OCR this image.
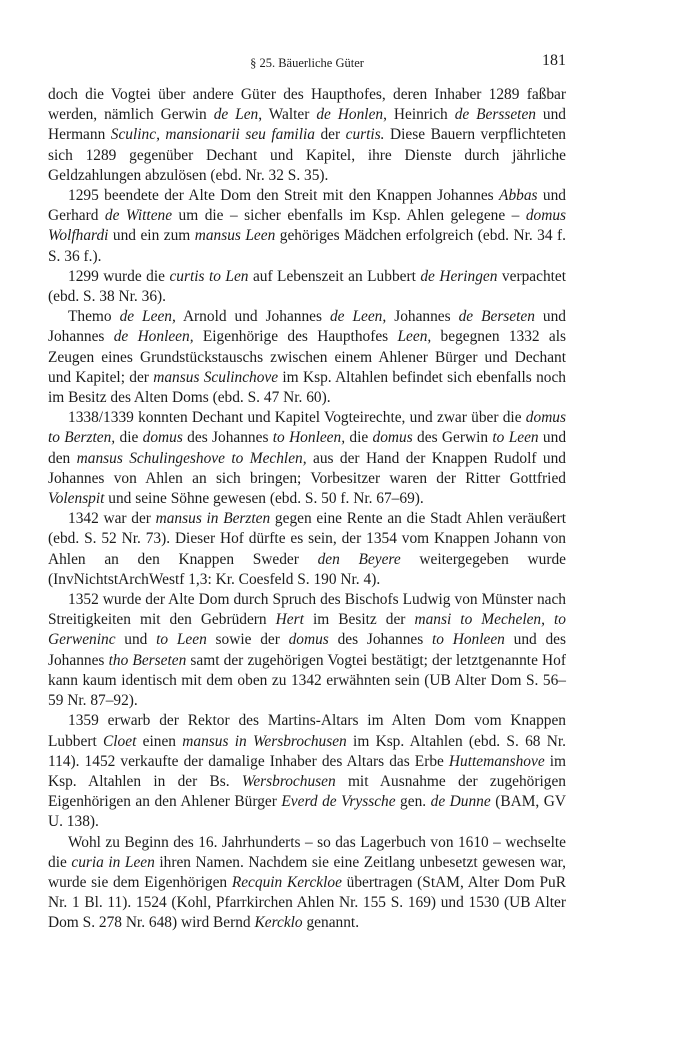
§ 25. Bäuerliche Güter	181

doch die Vogtei über andere Güter des Haupthofes, deren Inhaber 1289 faßbar werden, nämlich Gerwin de Len, Walter de Honlen, Heinrich de Bersseten und Hermann Sculinc, mansionarii seu familia der curtis. Diese Bauern verpflichteten sich 1289 gegenüber Dechant und Kapitel, ihre Dienste durch jährliche Geldzahlungen abzulösen (ebd. Nr. 32 S. 35).

1295 beendete der Alte Dom den Streit mit den Knappen Johannes Abbas und Gerhard de Wittene um die – sicher ebenfalls im Ksp. Ahlen gelegene – domus Wolfhardi und ein zum mansus Leen gehöriges Mädchen erfolgreich (ebd. Nr. 34 f. S. 36 f.).

1299 wurde die curtis to Len auf Lebenszeit an Lubbert de Heringen verpachtet (ebd. S. 38 Nr. 36).

Themo de Leen, Arnold und Johannes de Leen, Johannes de Berseten und Johannes de Honleen, Eigenhörige des Haupthofes Leen, begegnen 1332 als Zeugen eines Grundstückstauschs zwischen einem Ahlener Bürger und Dechant und Kapitel; der mansus Sculinchove im Ksp. Altahlen befindet sich ebenfalls noch im Besitz des Alten Doms (ebd. S. 47 Nr. 60).

1338/1339 konnten Dechant und Kapitel Vogteirechte, und zwar über die domus to Berzten, die domus des Johannes to Honleen, die domus des Gerwin to Leen und den mansus Schulingeshove to Mechlen, aus der Hand der Knappen Rudolf und Johannes von Ahlen an sich bringen; Vorbesitzer waren der Ritter Gottfried Volenspit und seine Söhne gewesen (ebd. S. 50 f. Nr. 67–69).

1342 war der mansus in Berzten gegen eine Rente an die Stadt Ahlen veräußert (ebd. S. 52 Nr. 73). Dieser Hof dürfte es sein, der 1354 vom Knappen Johann von Ahlen an den Knappen Sweder den Beyere weitergegeben wurde (InvNichtstArchWestf 1,3: Kr. Coesfeld S. 190 Nr. 4).

1352 wurde der Alte Dom durch Spruch des Bischofs Ludwig von Münster nach Streitigkeiten mit den Gebrüdern Hert im Besitz der mansi to Mechelen, to Gerweninc und to Leen sowie der domus des Johannes to Honleen und des Johannes tho Berseten samt der zugehörigen Vogtei bestätigt; der letztgenannte Hof kann kaum identisch mit dem oben zu 1342 erwähnten sein (UB Alter Dom S. 56–59 Nr. 87–92).

1359 erwarb der Rektor des Martins-Altars im Alten Dom vom Knappen Lubbert Cloet einen mansus in Wersbrochusen im Ksp. Altahlen (ebd. S. 68 Nr. 114). 1452 verkaufte der damalige Inhaber des Altars das Erbe Huttemanshove im Ksp. Altahlen in der Bs. Wersbrochusen mit Ausnahme der zugehörigen Eigenhörigen an den Ahlener Bürger Everd de Vryssche gen. de Dunne (BAM, GV U. 138).

Wohl zu Beginn des 16. Jahrhunderts – so das Lagerbuch von 1610 – wechselte die curia in Leen ihren Namen. Nachdem sie eine Zeitlang unbesetzt gewesen war, wurde sie dem Eigenhörigen Recquin Kerckloe übertragen (StAM, Alter Dom PuR Nr. 1 Bl. 11). 1524 (Kohl, Pfarrkirchen Ahlen Nr. 155 S. 169) und 1530 (UB Alter Dom S. 278 Nr. 648) wird Bernd Kercklo genannt.
